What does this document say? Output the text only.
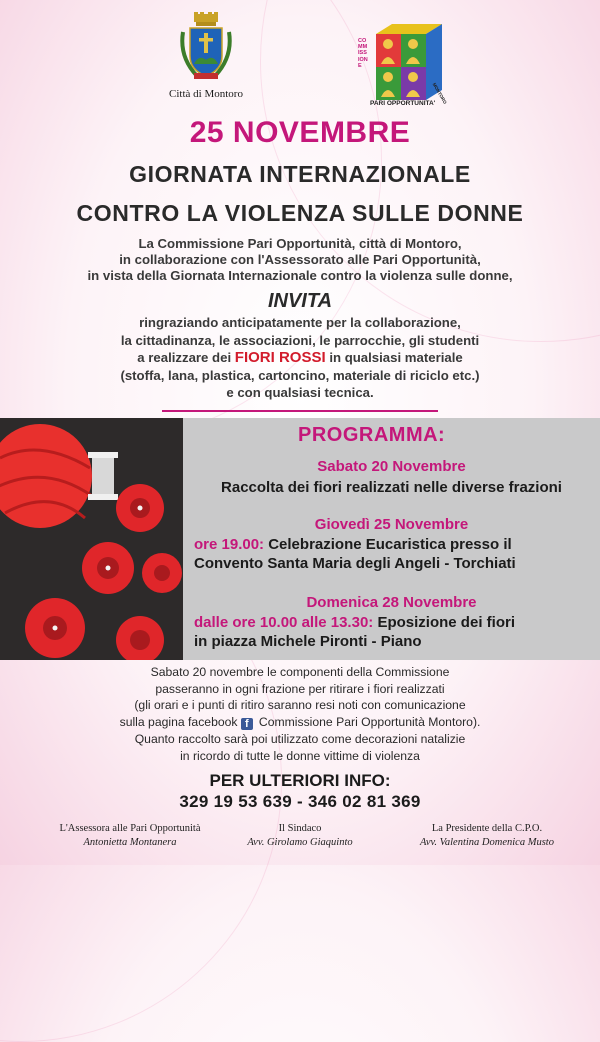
Città di Montoro
COMMISSIONE
PARI OPPORTUNITA'
MONTORO
25 NOVEMBRE
GIORNATA INTERNAZIONALE
CONTRO LA VIOLENZA SULLE DONNE
La Commissione Pari Opportunità, città di Montoro,
in collaborazione con l'Assessorato alle Pari Opportunità,
in vista della Giornata Internazionale contro la violenza sulle donne,
INVITA
ringraziando anticipatamente per la collaborazione,
la cittadinanza, le associazioni, le parrocchie, gli studenti
a realizzare dei FIORI ROSSI in qualsiasi materiale
(stoffa, lana, plastica, cartoncino, materiale di riciclo etc.)
e con qualsiasi tecnica.
PROGRAMMA:
Sabato 20 Novembre
Raccolta dei fiori realizzati nelle diverse frazioni
Giovedì 25 Novembre
ore 19.00: Celebrazione Eucaristica presso il
Convento Santa Maria degli Angeli - Torchiati
Domenica 28 Novembre
dalle ore 10.00 alle 13.30: Eposizione dei fiori
in piazza Michele Pironti - Piano
Sabato 20 novembre le componenti della Commissione
passeranno in ogni frazione per ritirare i fiori realizzati
(gli orari e i punti di ritiro saranno resi noti con comunicazione
sulla pagina facebook f Commissione Pari Opportunità Montoro).
Quanto raccolto sarà poi utilizzato come decorazioni natalizie
in ricordo di tutte le donne vittime di violenza
PER ULTERIORI INFO:
329 19 53 639 - 346 02 81 369
L'Assessora alle Pari Opportunità
Antonietta Montanera
Il Sindaco
Avv. Girolamo Giaquinto
La Presidente della C.P.O.
Avv. Valentina Domenica Musto
